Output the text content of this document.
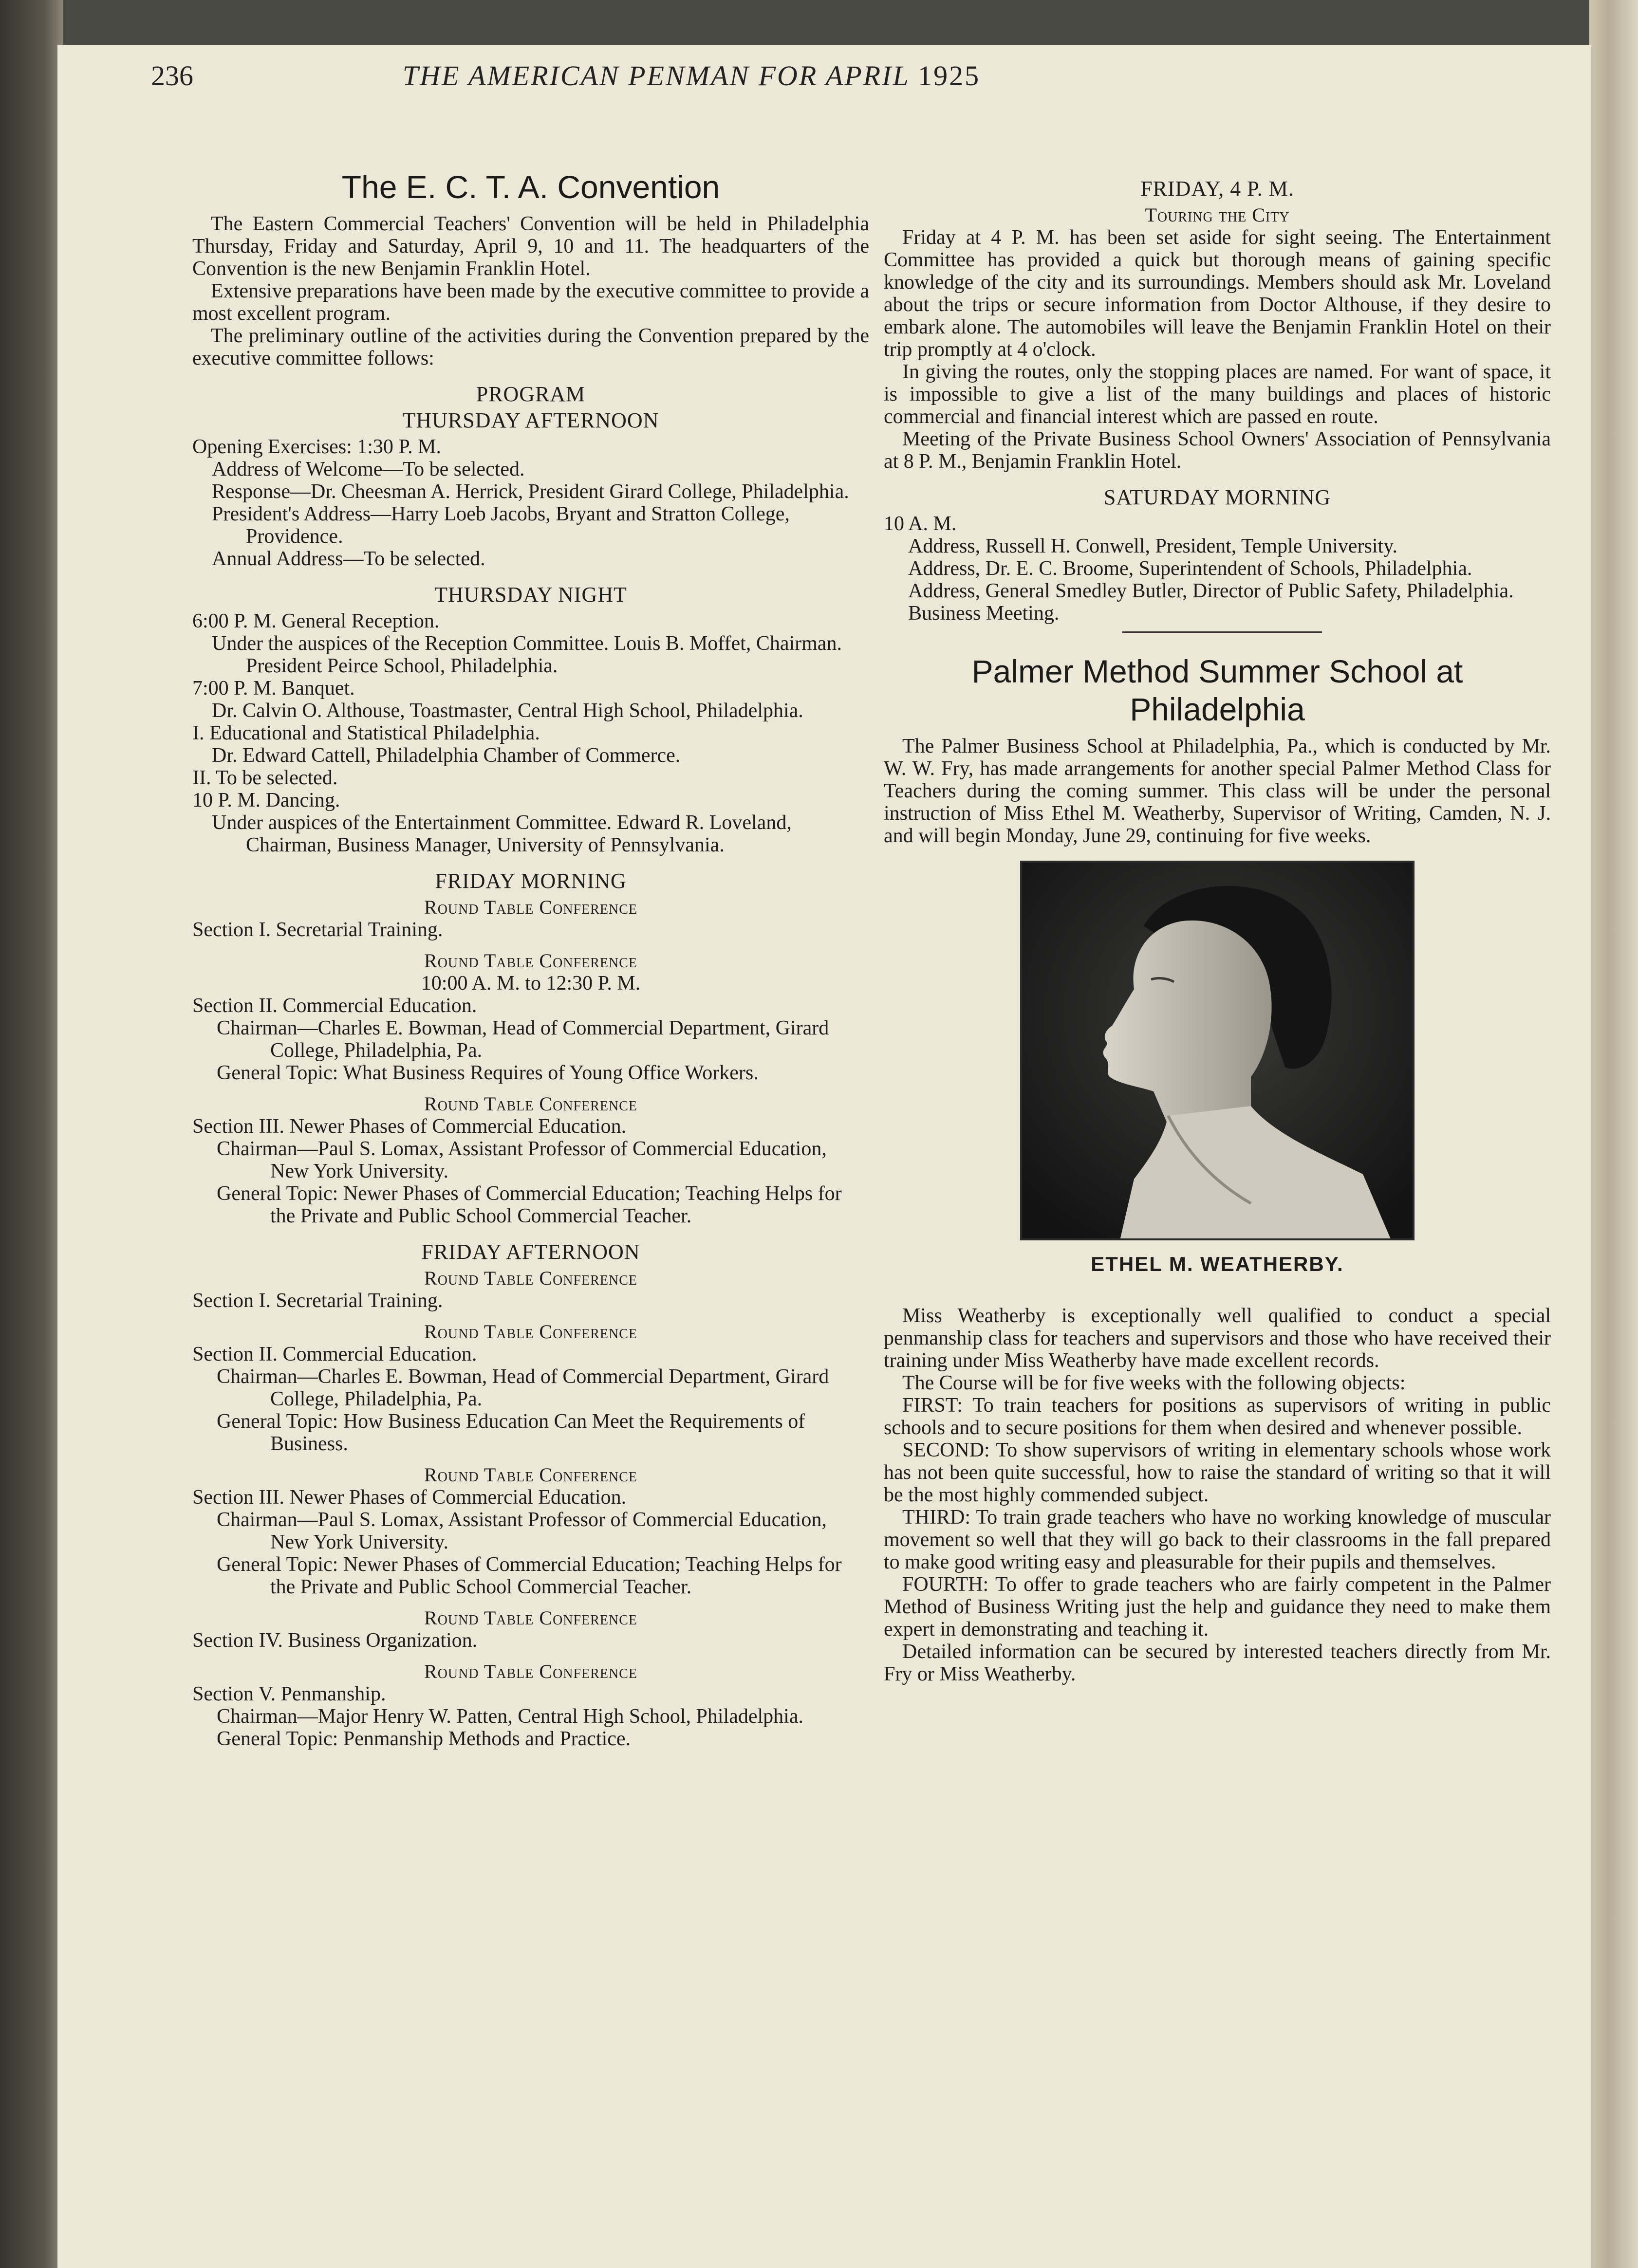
236	THE AMERICAN PENMAN FOR APRIL 1925
The E. C. T. A. Convention

The Eastern Commercial Teachers' Convention will be held in Philadelphia Thursday, Friday and Saturday, April 9, 10 and 11. The headquarters of the Convention is the new Benjamin Franklin Hotel.

Extensive preparations have been made by the executive committee to provide a most excellent program.

The preliminary outline of the activities during the Convention prepared by the executive committee follows:

PROGRAM
THURSDAY AFTERNOON
Opening Exercises: 1:30 P. M.
Address of Welcome—To be selected.
Response—Dr. Cheesman A. Herrick, President Girard College, Philadelphia.
President's Address—Harry Loeb Jacobs, Bryant and Stratton College, Providence.
Annual Address—To be selected.
THURSDAY NIGHT
6:00 P. M. General Reception.
Under the auspices of the Reception Committee. Louis B. Moffet, Chairman. President Peirce School, Philadelphia.
7:00 P. M. Banquet.
Dr. Calvin O. Althouse, Toastmaster, Central High School, Philadelphia.
I. Educational and Statistical Philadelphia.
Dr. Edward Cattell, Philadelphia Chamber of Commerce.
II. To be selected.
10 P. M. Dancing.
Under auspices of the Entertainment Committee. Edward R. Loveland, Chairman, Business Manager, University of Pennsylvania.
FRIDAY MORNING
Round Table Conference
Section I. Secretarial Training.
Round Table Conference
10:00 A. M. to 12:30 P. M.
Section II. Commercial Education.
Chairman—Charles E. Bowman, Head of Commercial Department, Girard College, Philadelphia, Pa.
General Topic: What Business Requires of Young Office Workers.
Round Table Conference
Section III. Newer Phases of Commercial Education.
Chairman—Paul S. Lomax, Assistant Professor of Commercial Education, New York University.
General Topic: Newer Phases of Commercial Education; Teaching Helps for the Private and Public School Commercial Teacher.
FRIDAY AFTERNOON
Round Table Conference
Section I. Secretarial Training.
Round Table Conference
Section II. Commercial Education.
Chairman—Charles E. Bowman, Head of Commercial Department, Girard College, Philadelphia, Pa.
General Topic: How Business Education Can Meet the Requirements of Business.
Round Table Conference
Section III. Newer Phases of Commercial Education.
Chairman—Paul S. Lomax, Assistant Professor of Commercial Education, New York University.
General Topic: Newer Phases of Commercial Education; Teaching Helps for the Private and Public School Commercial Teacher.
Round Table Conference
Section IV. Business Organization.
Round Table Conference
Section V. Penmanship.
Chairman—Major Henry W. Patten, Central High School, Philadelphia.
General Topic: Penmanship Methods and Practice.
FRIDAY, 4 P. M.
Touring the City

Friday at 4 P. M. has been set aside for sight seeing. The Entertainment Committee has provided a quick but thorough means of gaining specific knowledge of the city and its surroundings. Members should ask Mr. Loveland about the trips or secure information from Doctor Althouse, if they desire to embark alone. The automobiles will leave the Benjamin Franklin Hotel on their trip promptly at 4 o'clock.

In giving the routes, only the stopping places are named. For want of space, it is impossible to give a list of the many buildings and places of historic commercial and financial interest which are passed en route.

Meeting of the Private Business School Owners' Association of Pennsylvania at 8 P. M., Benjamin Franklin Hotel.

SATURDAY MORNING
10 A. M.
Address, Russell H. Conwell, President, Temple University.
Address, Dr. E. C. Broome, Superintendent of Schools, Philadelphia.
Address, General Smedley Butler, Director of Public Safety, Philadelphia.
Business Meeting.
Palmer Method Summer School at
Philadelphia

The Palmer Business School at Philadelphia, Pa., which is conducted by Mr. W. W. Fry, has made arrangements for another special Palmer Method Class for Teachers during the coming summer. This class will be under the personal instruction of Miss Ethel M. Weatherby, Supervisor of Writing, Camden, N. J. and will begin Monday, June 29, continuing for five weeks.

ETHEL M. WEATHERBY.

Miss Weatherby is exceptionally well qualified to conduct a special penmanship class for teachers and supervisors and those who have received their training under Miss Weatherby have made excellent records.

The Course will be for five weeks with the following objects:

FIRST: To train teachers for positions as supervisors of writing in public schools and to secure positions for them when desired and whenever possible.

SECOND: To show supervisors of writing in elementary schools whose work has not been quite successful, how to raise the standard of writing so that it will be the most highly commended subject.

THIRD: To train grade teachers who have no working knowledge of muscular movement so well that they will go back to their classrooms in the fall prepared to make good writing easy and pleasurable for their pupils and themselves.

FOURTH: To offer to grade teachers who are fairly competent in the Palmer Method of Business Writing just the help and guidance they need to make them expert in demonstrating and teaching it.

Detailed information can be secured by interested teachers directly from Mr. Fry or Miss Weatherby.
